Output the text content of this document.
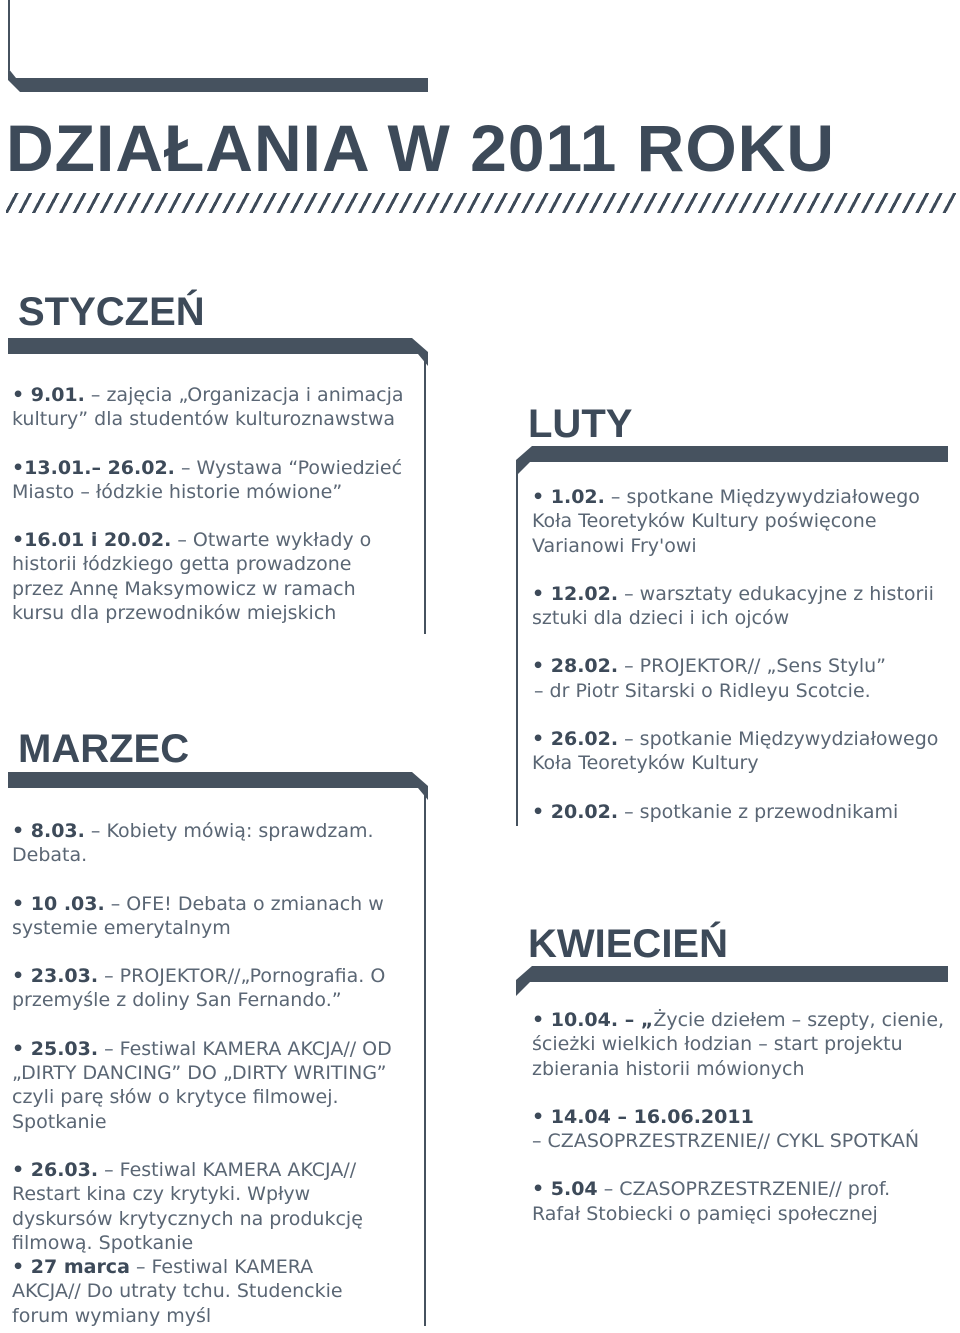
DZIAŁANIA W 2011 ROKU
STYCZEŃ
• 9.01. – zajęcia „Organizacja i animacja
kultury” dla studentów kulturoznawstwa
•13.01.– 26.02. – Wystawa “Powiedzieć
Miasto – łódzkie historie mówione”
•16.01 i 20.02. – Otwarte wykłady o
historii łódzkiego getta prowadzone
przez Annę Maksymowicz w ramach
kursu dla przewodników miejskich
MARZEC
• 8.03. – Kobiety mówią: sprawdzam.
Debata.
• 10 .03. – OFE! Debata o zmianach w
systemie emerytalnym
• 23.03. – PROJEKTOR//„Pornografia. O
przemyśle z doliny San Fernando.”
• 25.03. – Festiwal KAMERA AKCJA// OD
„DIRTY DANCING” DO „DIRTY WRITING”
czyli parę słów o krytyce filmowej.
Spotkanie
• 26.03. – Festiwal KAMERA AKCJA//
Restart kina czy krytyki. Wpływ
dyskursów krytycznych na produkcję
filmową. Spotkanie
• 27 marca – Festiwal KAMERA
AKCJA// Do utraty tchu. Studenckie
forum wymiany myśl
LUTY
• 1.02. – spotkane Międzywydziałowego
Koła Teoretyków Kultury poświęcone
Varianowi Fry'owi
• 12.02. – warsztaty edukacyjne z historii
sztuki dla dzieci i ich ojców
• 28.02. – PROJEKTOR// „Sens Stylu”
– dr Piotr Sitarski o Ridleyu Scotcie.
• 26.02. – spotkanie Międzywydziałowego
Koła Teoretyków Kultury
• 20.02. – spotkanie z przewodnikami
KWIECIEŃ
• 10.04. – „Życie dziełem – szepty, cienie,
ścieżki wielkich łodzian – start projektu
zbierania historii mówionych
• 14.04 – 16.06.2011
– CZASOPRZESTRZENIE// CYKL SPOTKAŃ
• 5.04 – CZASOPRZESTRZENIE// prof.
Rafał Stobiecki o pamięci społecznej
